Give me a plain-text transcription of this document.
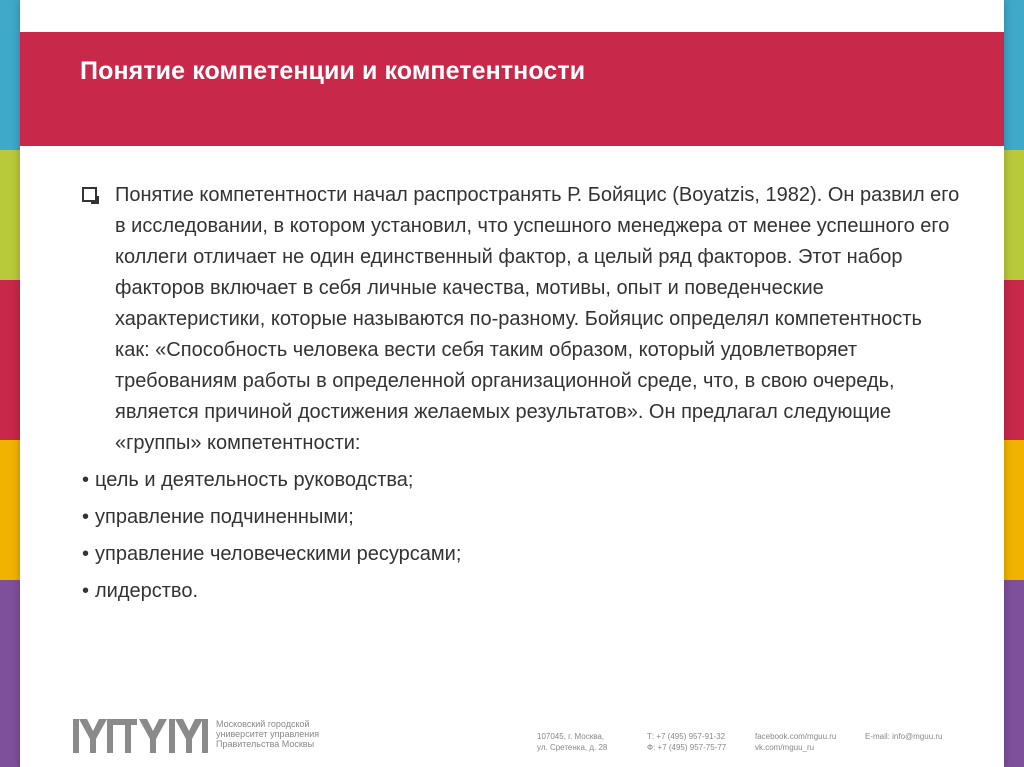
Понятие компетенции и компетентности

Понятие компетентности начал распространять Р. Бойяцис (Boyatzis, 1982). Он развил его в исследовании, в котором установил, что успешного менеджера от менее успешного его коллеги отличает не один единственный фактор, а целый ряд факторов. Этот набор факторов включает в себя личные качества, мотивы, опыт и поведенческие характеристики, которые называются по-разному. Бойяцис определял компетентность как: «Способность человека вести себя таким образом, который удовлетворяет требованиям работы в определенной организационной среде, что, в свою очередь, является причиной достижения желаемых результатов». Он предлагал следующие «группы» компетентности:

• цель и деятельность руководства;
• управление подчиненными;
• управление человеческими ресурсами;
• лидерство.
Московский городской
университет управления
Правительства Москвы
107045, г. Москва,
ул. Сретенка, д. 28
Т: +7 (495) 957-91-32
Ф: +7 (495) 957-75-77
facebook.com/mguu.ru
vk.com/mguu_ru
E-mail: info@mguu.ru
